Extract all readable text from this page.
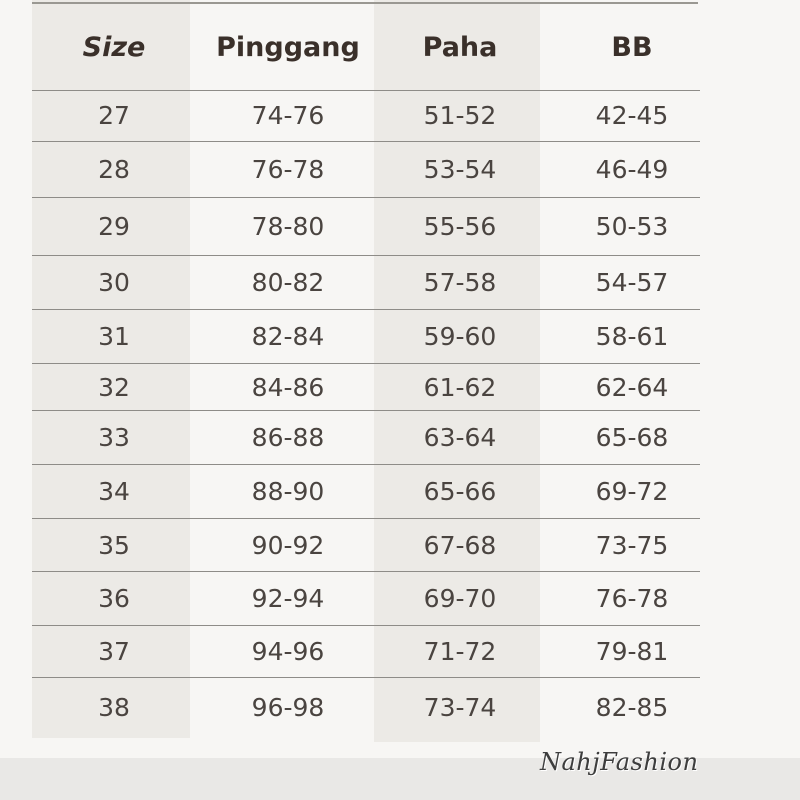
Size	Pinggang	Paha	BB
27	74-76	51-52	42-45
28	76-78	53-54	46-49
29	78-80	55-56	50-53
30	80-82	57-58	54-57
31	82-84	59-60	58-61
32	84-86	61-62	62-64
33	86-88	63-64	65-68
34	88-90	65-66	69-72
35	90-92	67-68	73-75
36	92-94	69-70	76-78
37	94-96	71-72	79-81
38	96-98	73-74	82-85
NahjFashion
